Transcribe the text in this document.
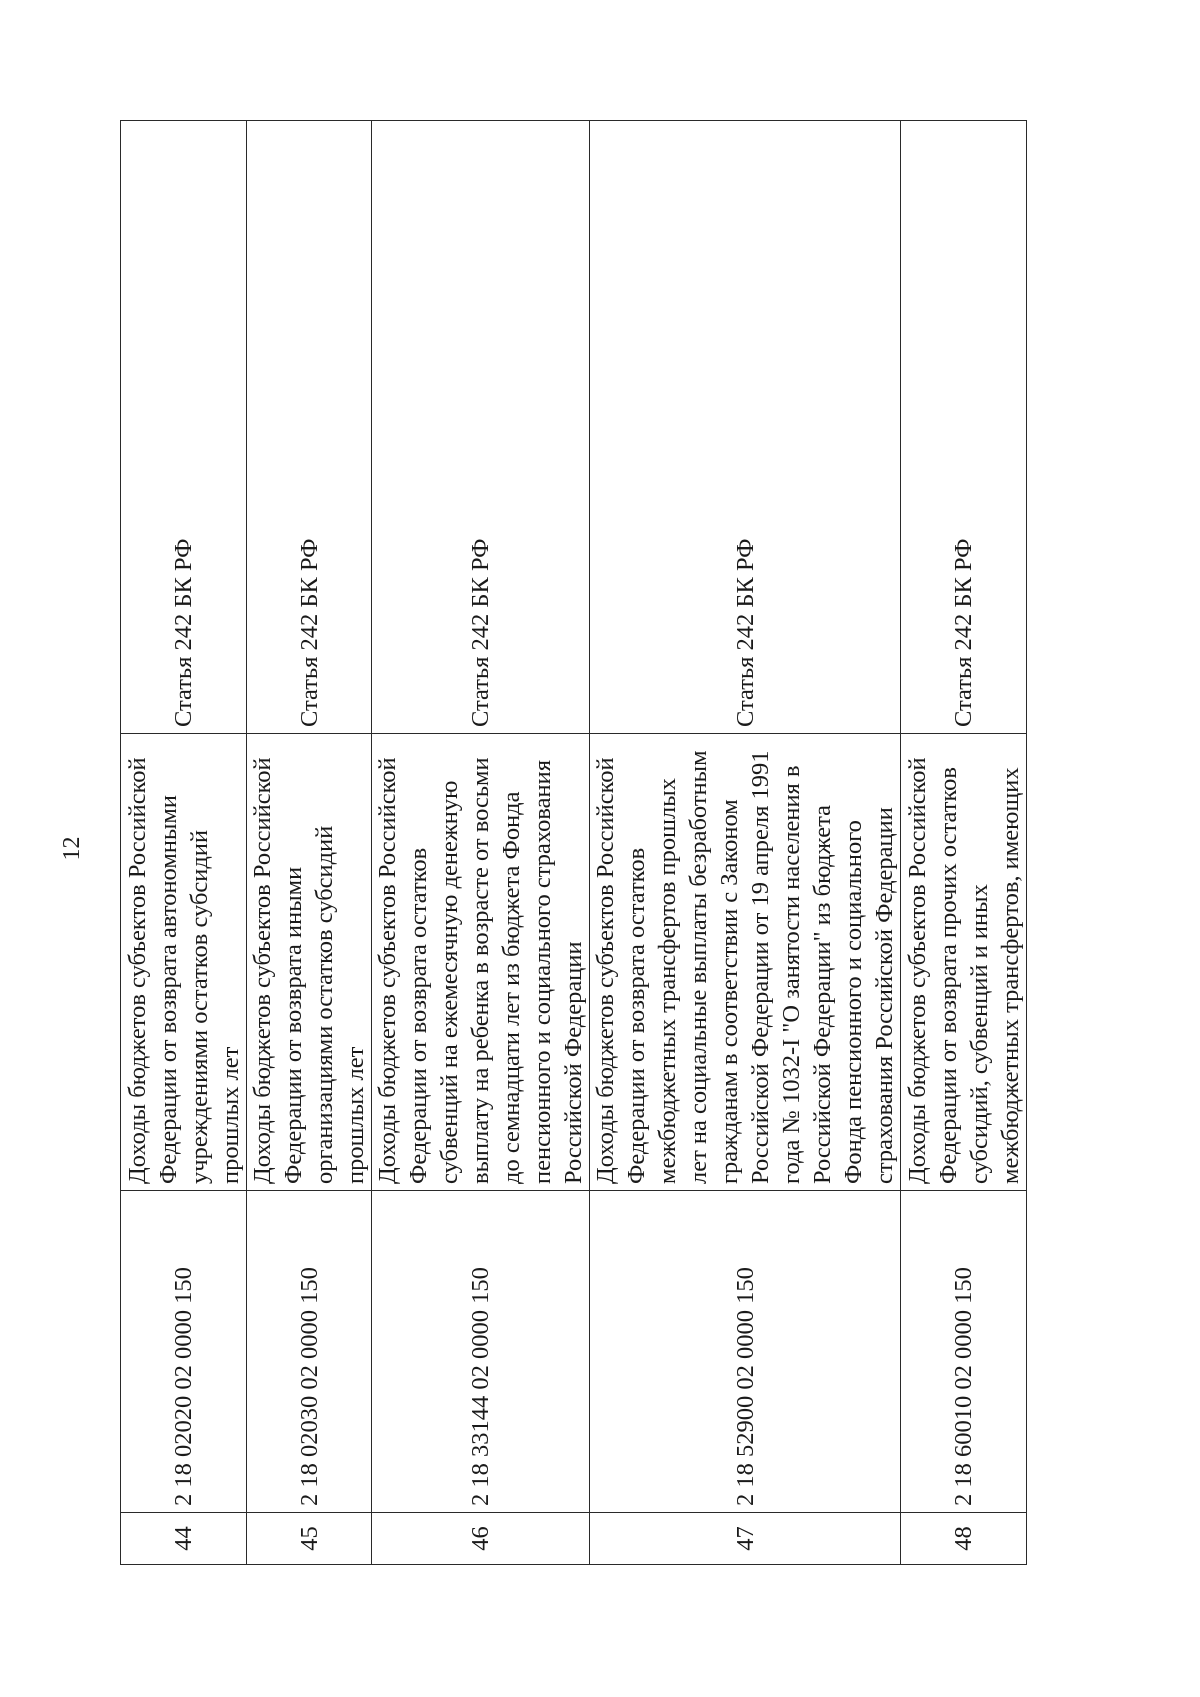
12
44	2 18 02020 02 0000 150	Доходы бюджетов субъектов Российской Федерации от возврата автономными учреждениями остатков субсидий прошлых лет	Статья 242 БК РФ
45	2 18 02030 02 0000 150	Доходы бюджетов субъектов Российской Федерации от возврата иными организациями остатков субсидий прошлых лет	Статья 242 БК РФ
46	2 18 33144 02 0000 150	Доходы бюджетов субъектов Российской Федерации от возврата остатков субвенций на ежемесячную денежную выплату на ребенка в возрасте от восьми до семнадцати лет из бюджета Фонда пенсионного и социального страхования Российской Федерации	Статья 242 БК РФ
47	2 18 52900 02 0000 150	Доходы бюджетов субъектов Российской Федерации от возврата остатков межбюджетных трансфертов прошлых лет на социальные выплаты безработным гражданам в соответствии с Законом Российской Федерации от 19 апреля 1991 года № 1032-I "О занятости населения в Российской Федерации" из бюджета Фонда пенсионного и социального страхования Российской Федерации	Статья 242 БК РФ
48	2 18 60010 02 0000 150	Доходы бюджетов субъектов Российской Федерации от возврата прочих остатков субсидий, субвенций и иных межбюджетных трансфертов, имеющих	Статья 242 БК РФ
